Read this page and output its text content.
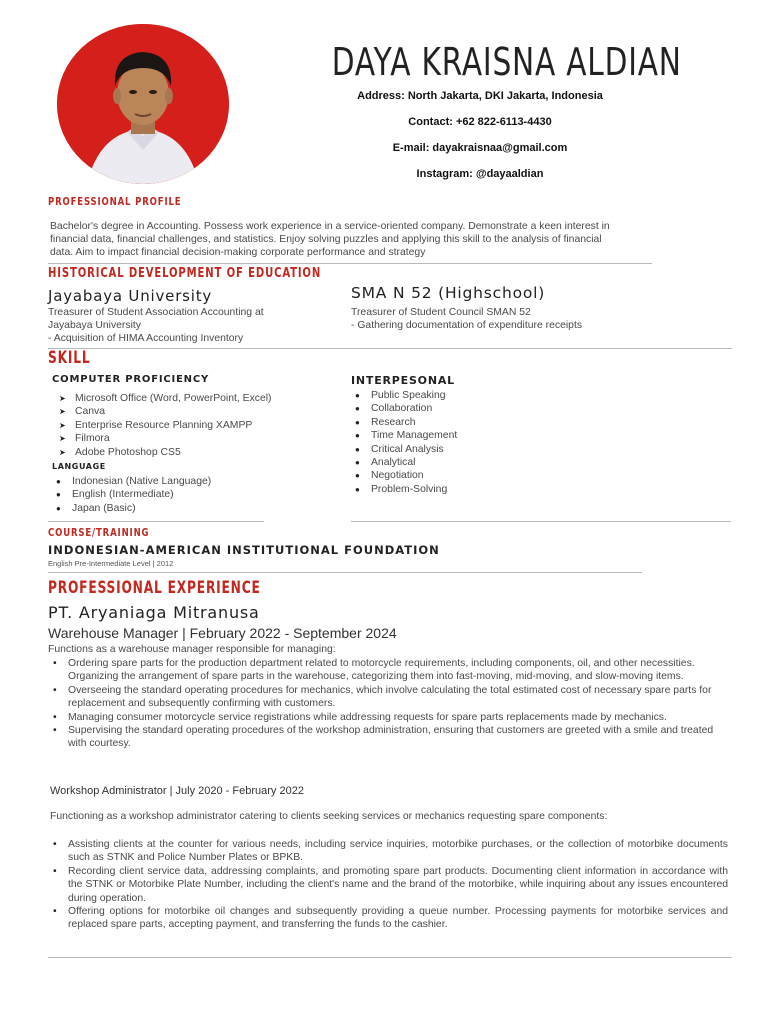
DAYA KRAISNA ALDIAN
Address: North Jakarta, DKI Jakarta, Indonesia
Contact: +62 822-6113-4430
E-mail: dayakraisnaa@gmail.com
Instagram: @dayaaldian
PROFESSIONAL PROFILE
Bachelor's degree in Accounting. Possess work experience in a service-oriented company. Demonstrate a keen interest in
financial data, financial challenges, and statistics. Enjoy solving puzzles and applying this skill to the analysis of financial
data. Aim to impact financial decision-making corporate performance and strategy
HISTORICAL DEVELOPMENT OF EDUCATION
Jayabaya University
Treasurer of Student Association Accounting at
Jayabaya University
- Acquisition of HIMA Accounting Inventory
SMA N 52 (Highschool)
Treasurer of Student Council SMAN 52
- Gathering documentation of expenditure receipts
SKILL
COMPUTER PROFICIENCY
➤ Microsoft Office (Word, PowerPoint, Excel)
➤ Canva
➤ Enterprise Resource Planning XAMPP
➤ Filmora
➤ Adobe Photoshop CS5
LANGUAGE
● Indonesian (Native Language)
● English (Intermediate)
● Japan (Basic)
INTERPESONAL
● Public Speaking
● Collaboration
● Research
● Time Management
● Critical Analysis
● Analytical
● Negotiation
● Problem-Solving
COURSE/TRAINING
INDONESIAN-AMERICAN INSTITUTIONAL FOUNDATION
English Pre-Intermediate Level | 2012
PROFESSIONAL EXPERIENCE
PT. Aryaniaga Mitranusa
Warehouse Manager | February 2022 - September 2024
Functions as a warehouse manager responsible for managing:
• Ordering spare parts for the production department related to motorcycle requirements, including components, oil, and other necessities. Organizing the arrangement of spare parts in the warehouse, categorizing them into fast-moving, mid-moving, and slow-moving items.
• Overseeing the standard operating procedures for mechanics, which involve calculating the total estimated cost of necessary spare parts for replacement and subsequently confirming with customers.
• Managing consumer motorcycle service registrations while addressing requests for spare parts replacements made by mechanics.
• Supervising the standard operating procedures of the workshop administration, ensuring that customers are greeted with a smile and treated with courtesy.
Workshop Administrator | July 2020 - February 2022
Functioning as a workshop administrator catering to clients seeking services or mechanics requesting spare components:
• Assisting clients at the counter for various needs, including service inquiries, motorbike purchases, or the collection of motorbike documents such as STNK and Police Number Plates or BPKB.
• Recording client service data, addressing complaints, and promoting spare part products. Documenting client information in accordance with the STNK or Motorbike Plate Number, including the client's name and the brand of the motorbike, while inquiring about any issues encountered during operation.
• Offering options for motorbike oil changes and subsequently providing a queue number. Processing payments for motorbike services and replaced spare parts, accepting payment, and transferring the funds to the cashier.
